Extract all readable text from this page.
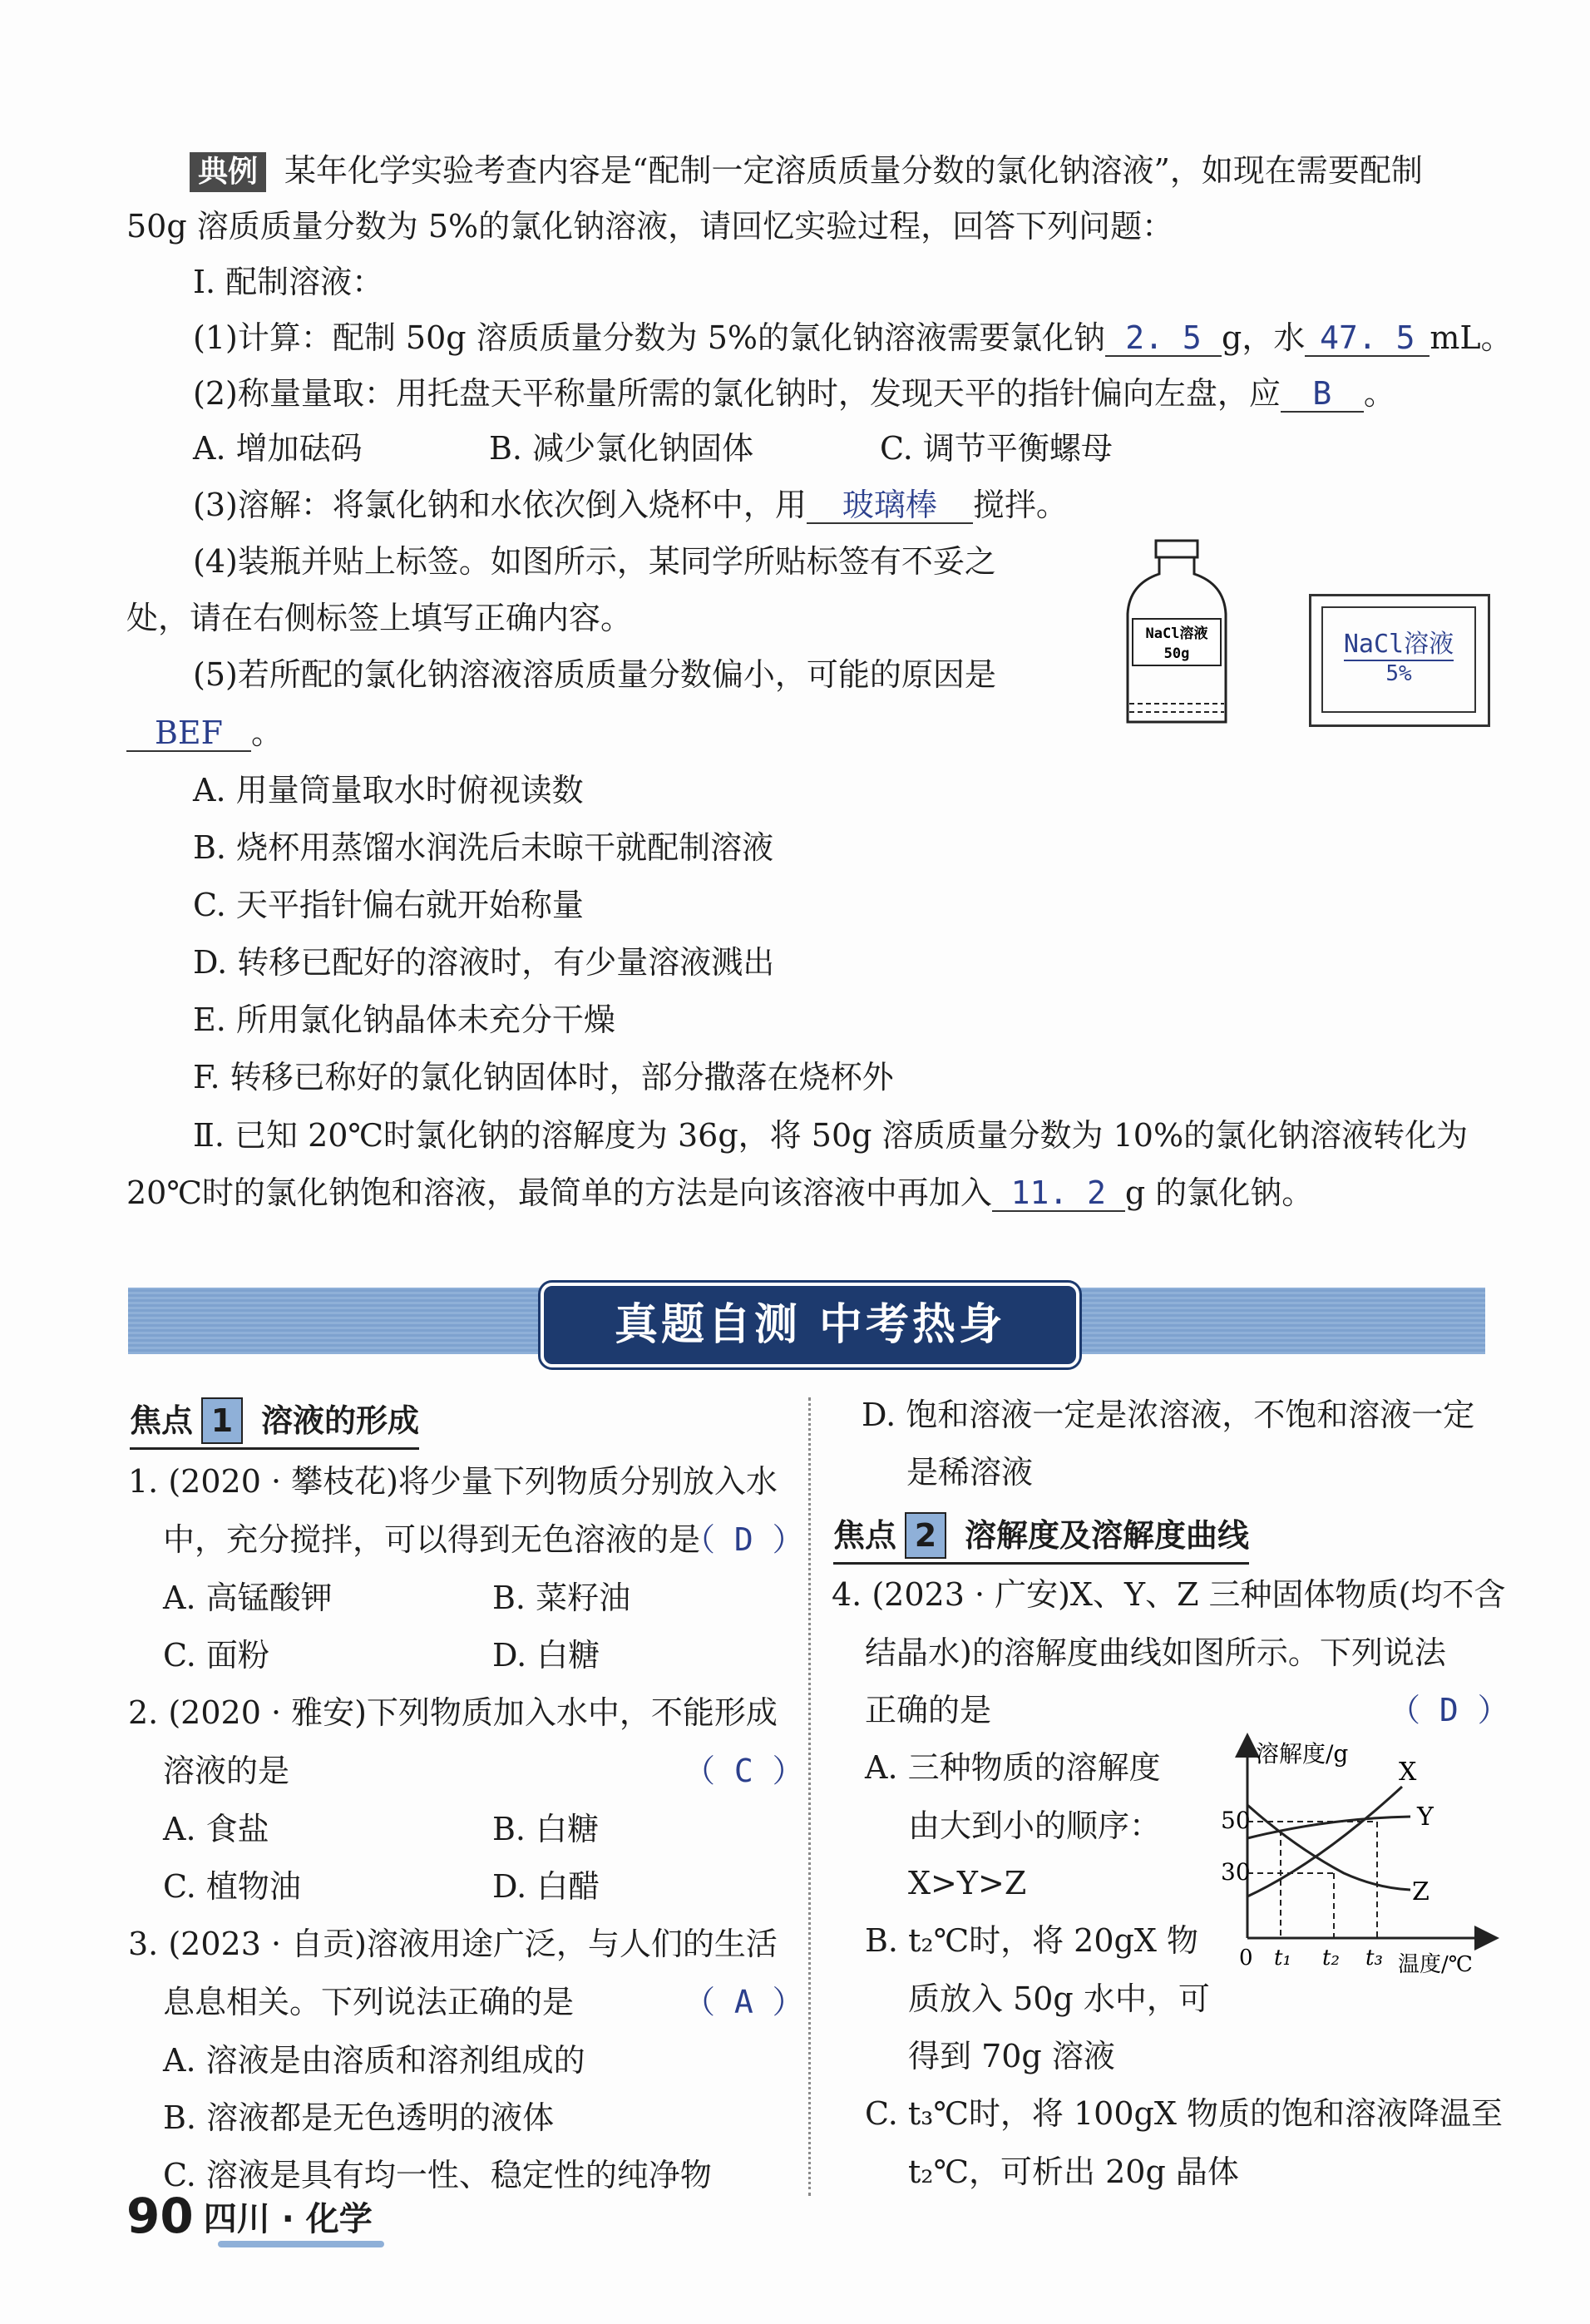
典例 某年化学实验考查内容是“配制一定溶质质量分数的氯化钠溶液”，如现在需要配制
50g 溶质质量分数为 5%的氯化钠溶液，请回忆实验过程，回答下列问题：
Ⅰ. 配制溶液：
(1)计算：配制 50g 溶质质量分数为 5%的氯化钠溶液需要氯化钠 2. 5 g，水 47. 5 mL。
(2)称量量取：用托盘天平称量所需的氯化钠时，发现天平的指针偏向左盘，应 B 。
A. 增加砝码	B. 减少氯化钠固体	C. 调节平衡螺母
(3)溶解：将氯化钠和水依次倒入烧杯中，用 玻璃棒 搅拌。
(4)装瓶并贴上标签。如图所示，某同学所贴标签有不妥之
处，请在右侧标签上填写正确内容。	NaCl溶液
50g	NaCl溶液
5%
(5)若所配的氯化钠溶液溶质质量分数偏小，可能的原因是
BEF 。
A. 用量筒量取水时俯视读数
B. 烧杯用蒸馏水润洗后未晾干就配制溶液
C. 天平指针偏右就开始称量
D. 转移已配好的溶液时，有少量溶液溅出
E. 所用氯化钠晶体未充分干燥
F. 转移已称好的氯化钠固体时，部分撒落在烧杯外
Ⅱ. 已知 20℃时氯化钠的溶解度为 36g，将 50g 溶质质量分数为 10%的氯化钠溶液转化为
20℃时的氯化钠饱和溶液，最简单的方法是向该溶液中再加入 11. 2 g 的氯化钠。
真题自测 中考热身
焦点 1 溶液的形成
1. (2020 · 攀枝花)将少量下列物质分别放入水
中，充分搅拌，可以得到无色溶液的是
（ D ）
A. 高锰酸钾	B. 菜籽油
C. 面粉	D. 白糖
2. (2020 · 雅安)下列物质加入水中，不能形成
溶液的是	（ C ）
A. 食盐	B. 白糖
C. 植物油	D. 白醋
3. (2023 · 自贡)溶液用途广泛，与人们的生活
息息相关。下列说法正确的是	（ A ）
A. 溶液是由溶质和溶剂组成的
B. 溶液都是无色透明的液体
C. 溶液是具有均一性、稳定性的纯净物
D. 饱和溶液一定是浓溶液，不饱和溶液一定
是稀溶液
焦点 2 溶解度及溶解度曲线
4. (2023 · 广安)X、Y、Z 三种固体物质(均不含
结晶水)的溶解度曲线如图所示。下列说法
正确的是	（ D ）
A. 三种物质的溶解度
由大到小的顺序：
X>Y>Z
B. t₂℃时，将 20gX 物
质放入 50g 水中，可
得到 70g 溶液
C. t₃℃时，将 100gX 物质的饱和溶液降温至
t₂℃，可析出 20g 晶体
溶解度/g
温度/℃
0
50
30
t₁ t₂ t₃
X
Y
Z
90 四川 · 化学
